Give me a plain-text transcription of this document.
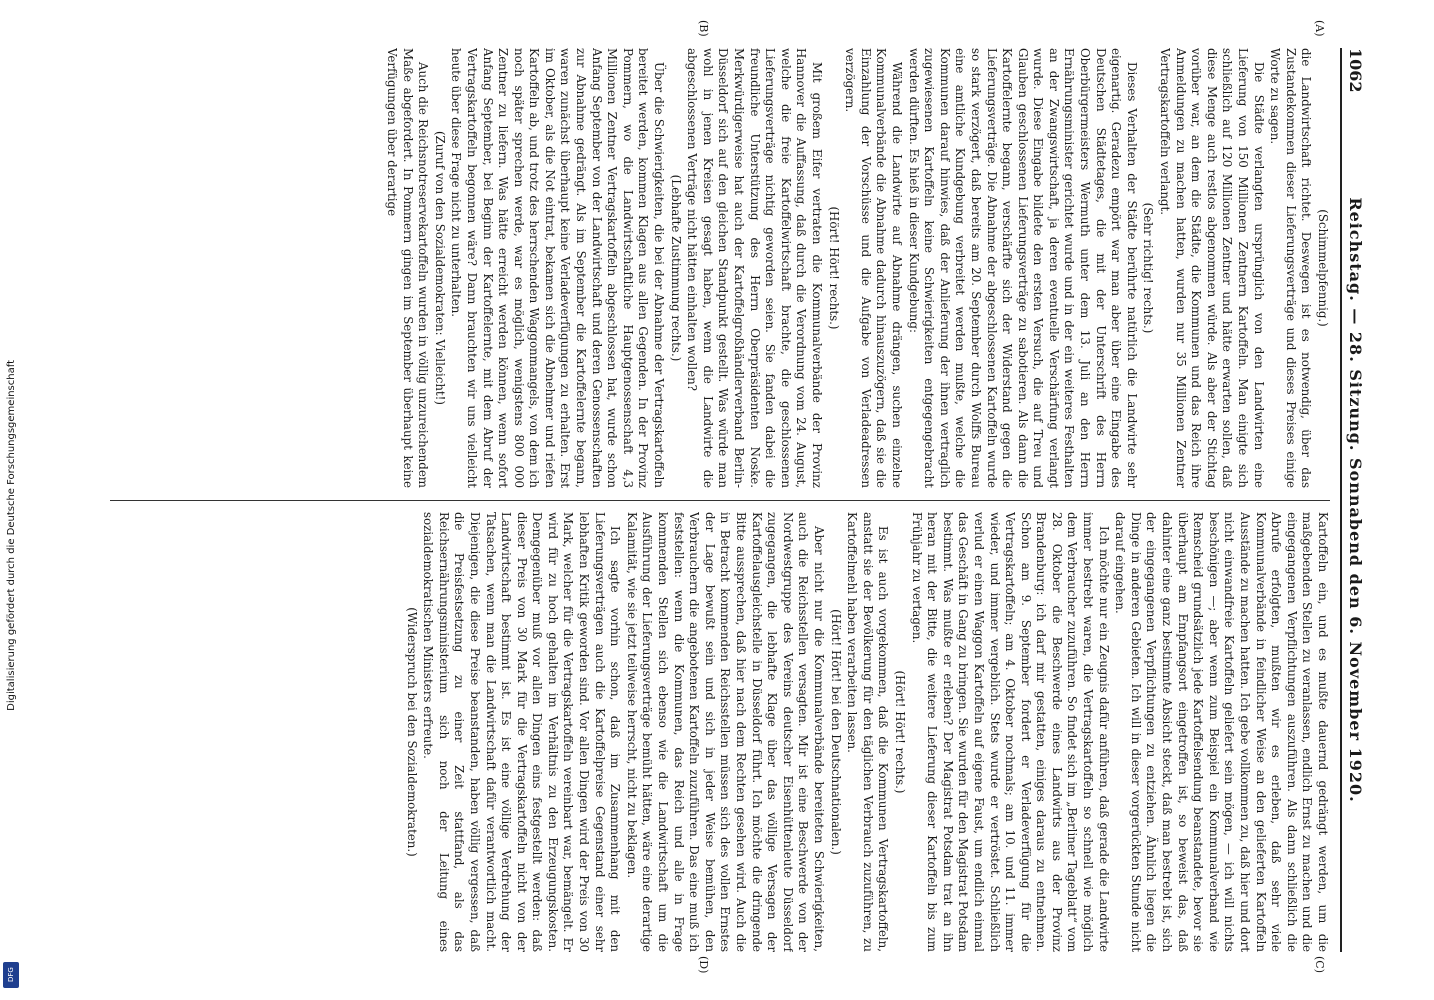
1062
Reichstag. — 28. Sitzung. Sonnabend den 6. November 1920.
(A)
(B)
(C)
(D)

(Schimmelpfennig.)

die Landwirtschaft richtet. Deswegen ist es notwendig, über das Zustandekommen dieser Lieferungsverträge und dieses Preises einige Worte zu sagen.

Die Städte verlangten ursprünglich von den Landwirten eine Lieferung von 150 Millionen Zentnern Kartoffeln. Man einigte sich schließlich auf 120 Millionen Zentner und hätte erwarten sollen, daß diese Menge auch restlos abgenommen würde. Als aber der Stichtag vorüber war, an dem die Städte, die Kommunen und das Reich ihre Anmeldungen zu machen hatten, wurden nur 35 Millionen Zentner Vertragskartoffeln verlangt.

(Sehr richtig! rechts.)

Dieses Verhalten der Städte berührte natürlich die Landwirte sehr eigenartig. Geradezu empört war man aber über eine Eingabe des Deutschen Städtetages, die mit der Unterschrift des Herrn Oberbürgermeisters Wermuth unter dem 13. Juli an den Herrn Ernährungsminister gerichtet wurde und in der ein weiteres Festhalten an der Zwangswirtschaft, ja deren eventuelle Verschärfung verlangt wurde. Diese Eingabe bildete den ersten Versuch, die auf Treu und Glauben geschlossenen Lieferungsverträge zu sabotieren. Als dann die Kartoffelernte begann, verschärfte sich der Widerstand gegen die Lieferungsverträge. Die Abnahme der abgeschlossenen Kartoffeln wurde so stark verzögert, daß bereits am 20. September durch Wolffs Bureau eine amtliche Kundgebung verbreitet werden mußte, welche die Kommunen darauf hinwies, daß der Anlieferung der ihnen vertraglich zugewiesenen Kartoffeln keine Schwierigkeiten entgegengebracht werden dürften. Es hieß in dieser Kundgebung:

Während die Landwirte auf Abnahme drängen, suchen einzelne Kommunalverbände die Abnahme dadurch hinauszuzögern, daß sie die Einzahlung der Vorschüsse und die Aufgabe von Verladeadressen verzögern.

(Hört! Hört! rechts.)

Mit großem Eifer vertraten die Kommunalverbände der Provinz Hannover die Auffassung, daß durch die Verordnung vom 24. August, welche die freie Kartoffelwirtschaft brachte, die geschlossenen Lieferungsverträge nichtig geworden seien. Sie fanden dabei die freundliche Unterstützung des Herrn Oberpräsidenten Noske. Merkwürdigerweise hat auch der Kartoffelgroßhändlerverband Berlin-Düsseldorf sich auf den gleichen Standpunkt gestellt. Was würde man wohl in jenen Kreisen gesagt haben, wenn die Landwirte die abgeschlossenen Verträge nicht hätten einhalten wollen?

(Lebhafte Zustimmung rechts.)

Über die Schwierigkeiten, die bei der Abnahme der Vertragskartoffeln bereitet werden, kommen Klagen aus allen Gegenden. In der Provinz Pommern, wo die Landwirtschaftliche Hauptgenossenschaft 4,3 Millionen Zentner Vertragskartoffeln abgeschlossen hat, wurde schon Anfang September von der Landwirtschaft und deren Genossenschaften zur Abnahme gedrängt. Als im September die Kartoffelernte begann, waren zunächst überhaupt keine Verladeverfügungen zu erhalten. Erst im Oktober, als die Not eintrat, bekamen sich die Abnehmer und riefen Kartoffeln ab, und trotz des herrschenden Waggonmangels, von dem ich noch später sprechen werde, war es möglich, wenigstens 800 000 Zentner zu liefern. Was hätte erreicht werden können, wenn sofort Anfang September, bei Beginn der Kartoffelernte, mit dem Abruf der Vertragskartoffeln begonnen wäre? Dann brauchten wir uns vielleicht heute über diese Frage nicht zu unterhalten.

(Zuruf von den Sozialdemokraten: Vielleicht!)

Auch die Reichsnotreservekartoffeln wurden in völlig unzureichendem Maße abgefordert. In Pommern gingen im September überhaupt keine Verfügungen über derartige

Kartoffeln ein, und es mußte dauernd gedrängt werden, um die maßgebenden Stellen zu veranlassen, endlich Ernst zu machen und die eingegangenen Verpflichtungen auszuführen. Als dann schließlich die Abrufe erfolgten, mußten wir es erleben, daß sehr viele Kommunalverbände in feindlicher Weise an den gelieferten Kartoffeln Ausstände zu machen hatten. Ich gebe vollkommen zu, daß hier und dort nicht einwandfreie Kartoffeln geliefert sein mögen, — ich will nichts beschönigen —; aber wenn zum Beispiel ein Kommunalverband wie Remscheid grundsätzlich jede Kartoffelsendung beanstandete, bevor sie überhaupt am Empfangsort eingetroffen ist, so beweist das, daß dahinter eine ganz bestimmte Absicht steckt, daß man bestrebt ist, sich der eingegangenen Verpflichtungen zu entziehen. Ähnlich liegen die Dinge in anderen Gebieten. Ich will in dieser vorgerückten Stunde nicht darauf eingehen.

Ich möchte nur ein Zeugnis dafür anführen, daß gerade die Landwirte immer bestrebt waren, die Vertragskartoffeln so schnell wie möglich dem Verbraucher zuzuführen. So findet sich im „Berliner Tageblatt“ vom 28. Oktober die Beschwerde eines Landwirts aus der Provinz Brandenburg: ich darf mir gestatten, einiges daraus zu entnehmen. Schon am 9. September fordert er Verladeverfügung für die Vertragskartoffeln; am 4. Oktober nochmals; am 10. und 11. immer wieder, und immer vergeblich. Stets wurde er vertröstet. Schließlich verlud er einen Waggon Kartoffeln auf eigene Faust, um endlich einmal das Geschäft in Gang zu bringen. Sie wurden für den Magistrat Potsdam bestimmt. Was mußte er erleben? Der Magistrat Potsdam trat an ihn heran mit der Bitte, die weitere Lieferung dieser Kartoffeln bis zum Frühjahr zu vertagen.

(Hört! Hört! rechts.)

Es ist auch vorgekommen, daß die Kommunen Vertragskartoffeln, anstatt sie der Bevölkerung für den täglichen Verbrauch zuzuführen, zu Kartoffelmehl haben verarbeiten lassen.

(Hört! Hört! bei den Deutschnationalen.)

Aber nicht nur die Kommunalverbände bereiteten Schwierigkeiten, auch die Reichsstellen versagten. Mir ist eine Beschwerde von der Nordwestgruppe des Vereins deutscher Eisenhüttenleute Düsseldorf zugegangen, die lebhafte Klage über das völlige Versagen der Kartoffelausgleichstelle in Düsseldorf führt. Ich möchte die dringende Bitte aussprechen, daß hier nach dem Rechten gesehen wird. Auch die in Betracht kommenden Reichsstellen müssen sich des vollen Ernstes der Lage bewußt sein und sich in jeder Weise bemühen, den Verbrauchern die angebotenen Kartoffeln zuzuführen. Das eine muß ich feststellen: wenn die Kommunen, das Reich und alle in Frage kommenden Stellen sich ebenso wie die Landwirtschaft um die Ausführung der Lieferungsverträge bemüht hätten, wäre eine derartige Kalamität, wie sie jetzt teilweise herrscht, nicht zu beklagen.

Ich sagte vorhin schon, daß im Zusammenhang mit den Lieferungsverträgen auch die Kartoffelpreise Gegenstand einer sehr lebhaften Kritik geworden sind. Vor allen Dingen wird der Preis von 30 Mark, welcher für die Vertragskartoffeln vereinbart war, bemängelt. Er wird für zu hoch gehalten im Verhältnis zu den Erzeugungskosten. Demgegenüber muß vor allen Dingen eins festgestellt werden: daß dieser Preis von 30 Mark für die Vertragskartoffeln nicht von der Landwirtschaft bestimmt ist. Es ist eine völlige Verdrehung der Tatsachen, wenn man die Landwirtschaft dafür verantwortlich macht. Diejenigen, die diese Preise beanstanden, haben völlig vergessen, daß die Preisfestsetzung zu einer Zeit stattfand, als das Reichsernährungsministerium sich noch der Leitung eines sozialdemokratischen Ministers erfreute.

(Widerspruch bei den Sozialdemokraten.)

Digitalisierung gefördert durch die Deutsche Forschungsgemeinschaft
DFG
